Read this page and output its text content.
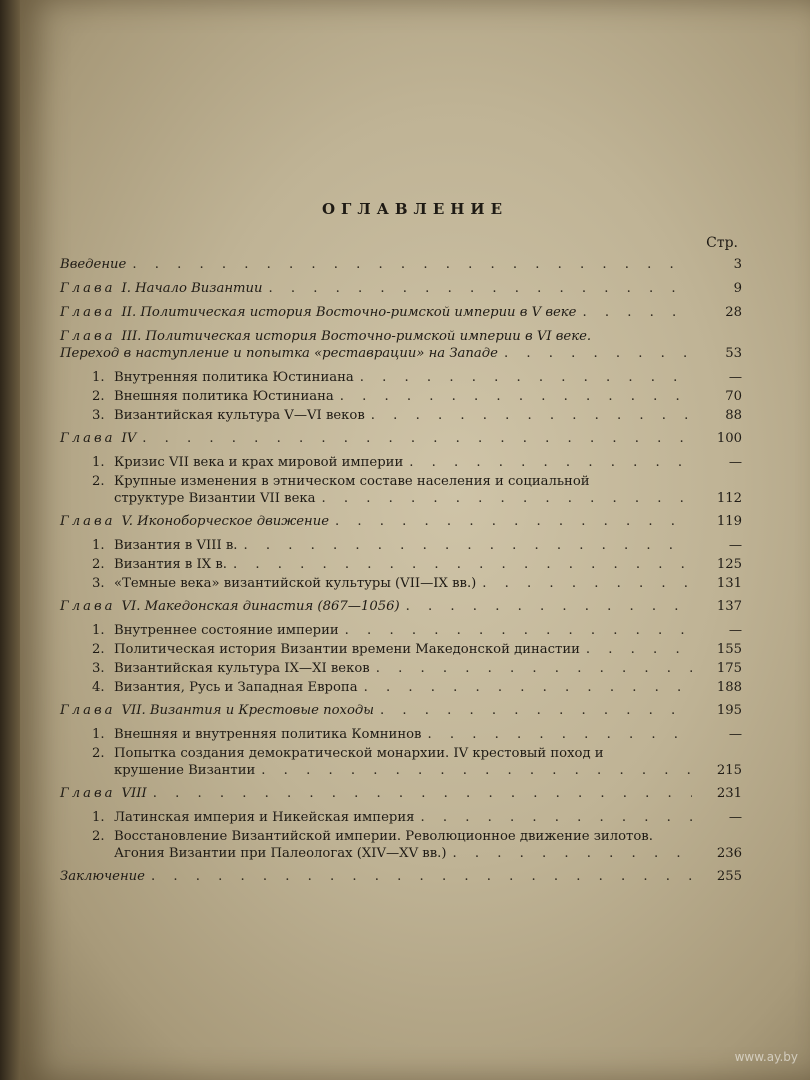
ОГЛАВЛЕНИЕ
Стр.
Введение . . .	3
Глава I. Начало Византии . . .	9
Глава II. Политическая история Восточно-римской империи в V веке . . .	28
Глава III. Политическая история Восточно-римской империи в VI веке.
Переход в наступление и попытка «реставрации» на Западе . . .	53
1. Внутренняя политика Юстиниана . . .	—
2. Внешняя политика Юстиниана . . .	70
3. Византийская культура V—VI веков . . .	88
Глава IV . . .	100
1. Кризис VII века и крах мировой империи . . .	—
2. Крупные изменения в этническом составе населения и социальной
структуре Византии VII века . . .	112
Глава V. Иконоборческое движение . . .	119
1. Византия в VIII в. . . .	—
2. Византия в IX в. . . .	125
3. «Темные века» византийской культуры (VII—IX вв.) . . .	131
Глава VI. Македонская династия (867—1056) . . .	137
1. Внутреннее состояние империи . . .	—
2. Политическая история Византии времени Македонской династии . . .	155
3. Византийская культура IX—XI веков . . .	175
4. Византия, Русь и Западная Европа . . .	188
Глава VII. Византия и Крестовые походы . . .	195
1. Внешняя и внутренняя политика Комнинов . . .	—
2. Попытка создания демократической монархии. IV крестовый поход и
крушение Византии . . .	215
Глава VIII . . .	231
1. Латинская империя и Никейская империя . . .	—
2. Восстановление Византийской империи. Революционное движение зилотов.
Агония Византии при Палеологах (XIV—XV вв.) . . .	236
Заключение . . .	255
www.ay.by
